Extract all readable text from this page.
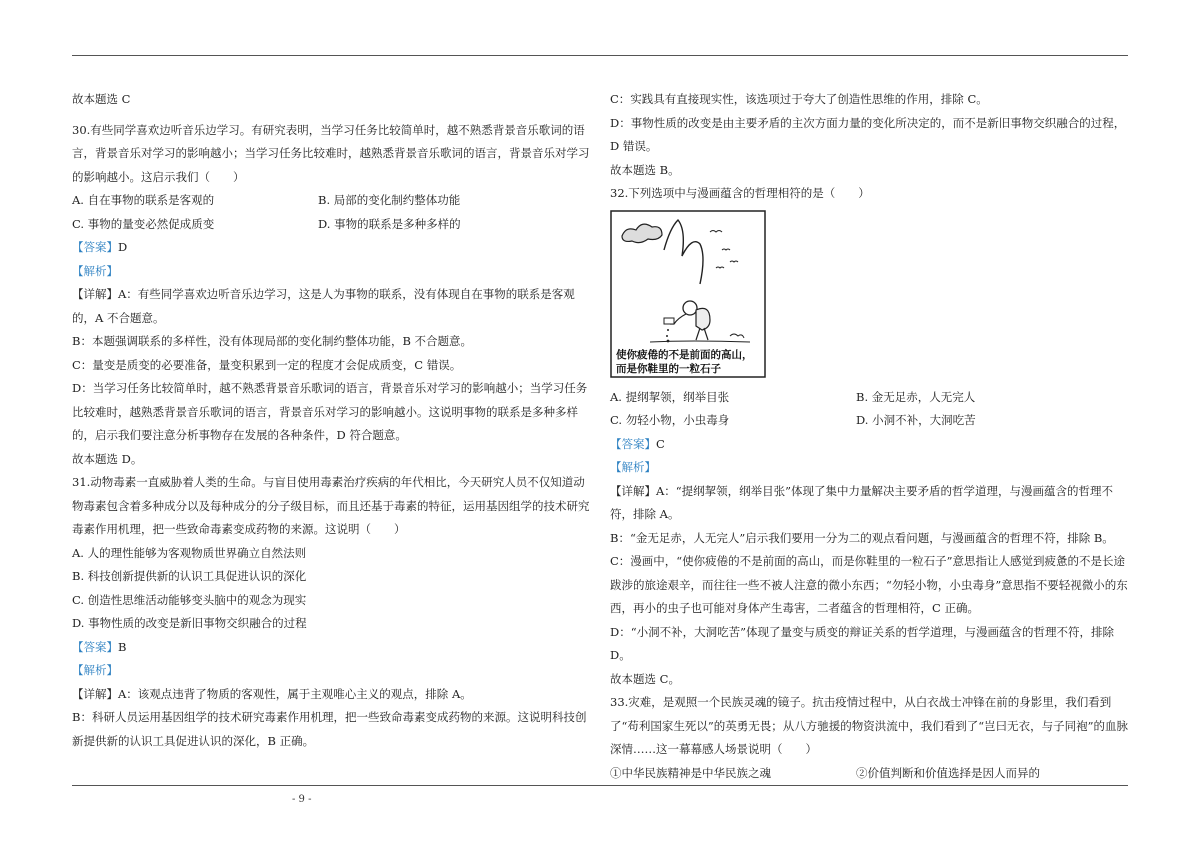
故本题选 C

30.有些同学喜欢边听音乐边学习。有研究表明，当学习任务比较简单时，越不熟悉背景音乐歌词的语言，背景音乐对学习的影响越小；当学习任务比较难时，越熟悉背景音乐歌词的语言，背景音乐对学习的影响越小。这启示我们（　　）

A. 自在事物的联系是客观的	B. 局部的变化制约整体功能
C. 事物的量变必然促成质变	D. 事物的联系是多种多样的

【答案】D

【解析】

【详解】A：有些同学喜欢边听音乐边学习，这是人为事物的联系，没有体现自在事物的联系是客观的，A 不合题意。

B：本题强调联系的多样性，没有体现局部的变化制约整体功能，B 不合题意。

C：量变是质变的必要准备，量变积累到一定的程度才会促成质变，C 错误。

D：当学习任务比较简单时，越不熟悉背景音乐歌词的语言，背景音乐对学习的影响越小；当学习任务比较难时，越熟悉背景音乐歌词的语言，背景音乐对学习的影响越小。这说明事物的联系是多种多样的，启示我们要注意分析事物存在发展的各种条件，D 符合题意。

故本题选 D。

31.动物毒素一直威胁着人类的生命。与盲目使用毒素治疗疾病的年代相比，今天研究人员不仅知道动物毒素包含着多种成分以及每种成分的分子级目标，而且还基于毒素的特征，运用基因组学的技术研究毒素作用机理，把一些致命毒素变成药物的来源。这说明（　　）

A. 人的理性能够为客观物质世界确立自然法则
B. 科技创新提供新的认识工具促进认识的深化
C. 创造性思维活动能够变头脑中的观念为现实
D. 事物性质的改变是新旧事物交织融合的过程

【答案】B

【解析】

【详解】A：该观点违背了物质的客观性，属于主观唯心主义的观点，排除 A。

B：科研人员运用基因组学的技术研究毒素作用机理，把一些致命毒素变成药物的来源。这说明科技创新提供新的认识工具促进认识的深化，B 正确。

C：实践具有直接现实性，该选项过于夸大了创造性思维的作用，排除 C。

D：事物性质的改变是由主要矛盾的主次方面力量的变化所决定的，而不是新旧事物交织融合的过程，D 错误。

故本题选 B。

32.下列选项中与漫画蕴含的哲理相符的是（　　）

使你疲倦的不是前面的高山，
而是你鞋里的一粒石子
A. 提纲挈领，纲举目张	B. 金无足赤，人无完人
C. 勿轻小物，小虫毒身	D. 小洞不补，大洞吃苦

【答案】C

【解析】

【详解】A：“提纲挈领，纲举目张”体现了集中力量解决主要矛盾的哲学道理，与漫画蕴含的哲理不符，排除 A。

B：“金无足赤，人无完人”启示我们要用一分为二的观点看问题，与漫画蕴含的哲理不符，排除 B。

C：漫画中，“使你疲倦的不是前面的高山，而是你鞋里的一粒石子”意思指让人感觉到疲惫的不是长途跋涉的旅途艰辛，而往往一些不被人注意的微小东西；“勿轻小物，小虫毒身”意思指不要轻视微小的东西，再小的虫子也可能对身体产生毒害，二者蕴含的哲理相符，C 正确。

D：“小洞不补，大洞吃苦”体现了量变与质变的辩证关系的哲学道理，与漫画蕴含的哲理不符，排除 D。

故本题选 C。

33.灾难，是观照一个民族灵魂的镜子。抗击疫情过程中，从白衣战士冲锋在前的身影里，我们看到了“苟利国家生死以”的英勇无畏；从八方驰援的物资洪流中，我们看到了“岂曰无衣，与子同袍”的血脉深情……这一幕幕感人场景说明（　　）

①中华民族精神是中华民族之魂	②价值判断和价值选择是因人而异的
- 9 -
